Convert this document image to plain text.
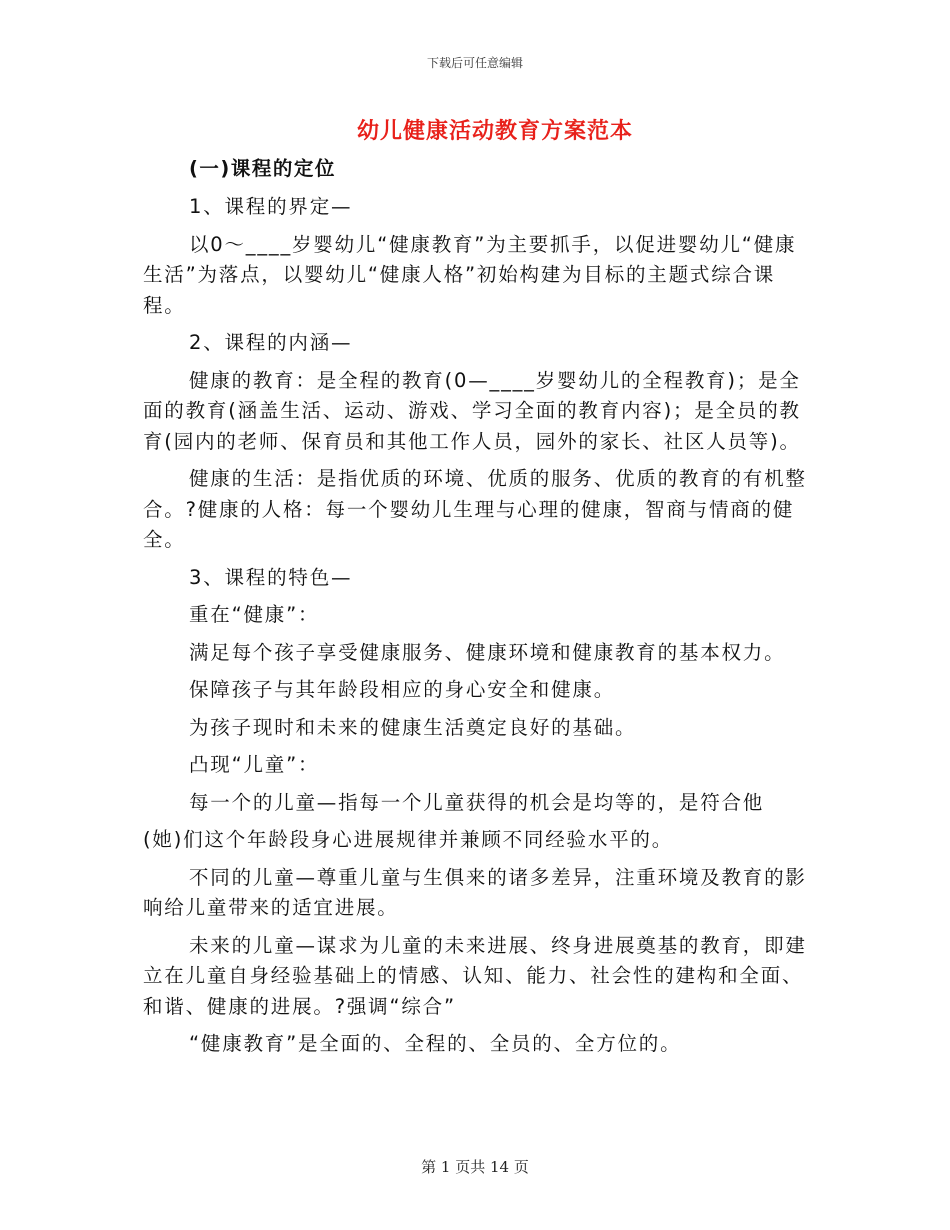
下载后可任意编辑
幼儿健康活动教育方案范本
(一)课程的定位

1、课程的界定—

以0～____岁婴幼儿“健康教育”为主要抓手，以促进婴幼儿“健康生活”为落点，以婴幼儿“健康人格”初始构建为目标的主题式综合课程。

2、课程的内涵—

健康的教育：是全程的教育(0—____岁婴幼儿的全程教育)；是全面的教育(涵盖生活、运动、游戏、学习全面的教育内容)；是全员的教育(园内的老师、保育员和其他工作人员，园外的家长、社区人员等)。

健康的生活：是指优质的环境、优质的服务、优质的教育的有机整合。?健康的人格：每一个婴幼儿生理与心理的健康，智商与情商的健全。

3、课程的特色—

重在“健康”：

满足每个孩子享受健康服务、健康环境和健康教育的基本权力。

保障孩子与其年龄段相应的身心安全和健康。

为孩子现时和未来的健康生活奠定良好的基础。

凸现“儿童”：

每一个的儿童—指每一个儿童获得的机会是均等的，是符合他

(她)们这个年龄段身心进展规律并兼顾不同经验水平的。

不同的儿童—尊重儿童与生俱来的诸多差异，注重环境及教育的影响给儿童带来的适宜进展。

未来的儿童—谋求为儿童的未来进展、终身进展奠基的教育，即建立在儿童自身经验基础上的情感、认知、能力、社会性的建构和全面、和谐、健康的进展。?强调“综合”

“健康教育”是全面的、全程的、全员的、全方位的。

第 1 页共 14 页
